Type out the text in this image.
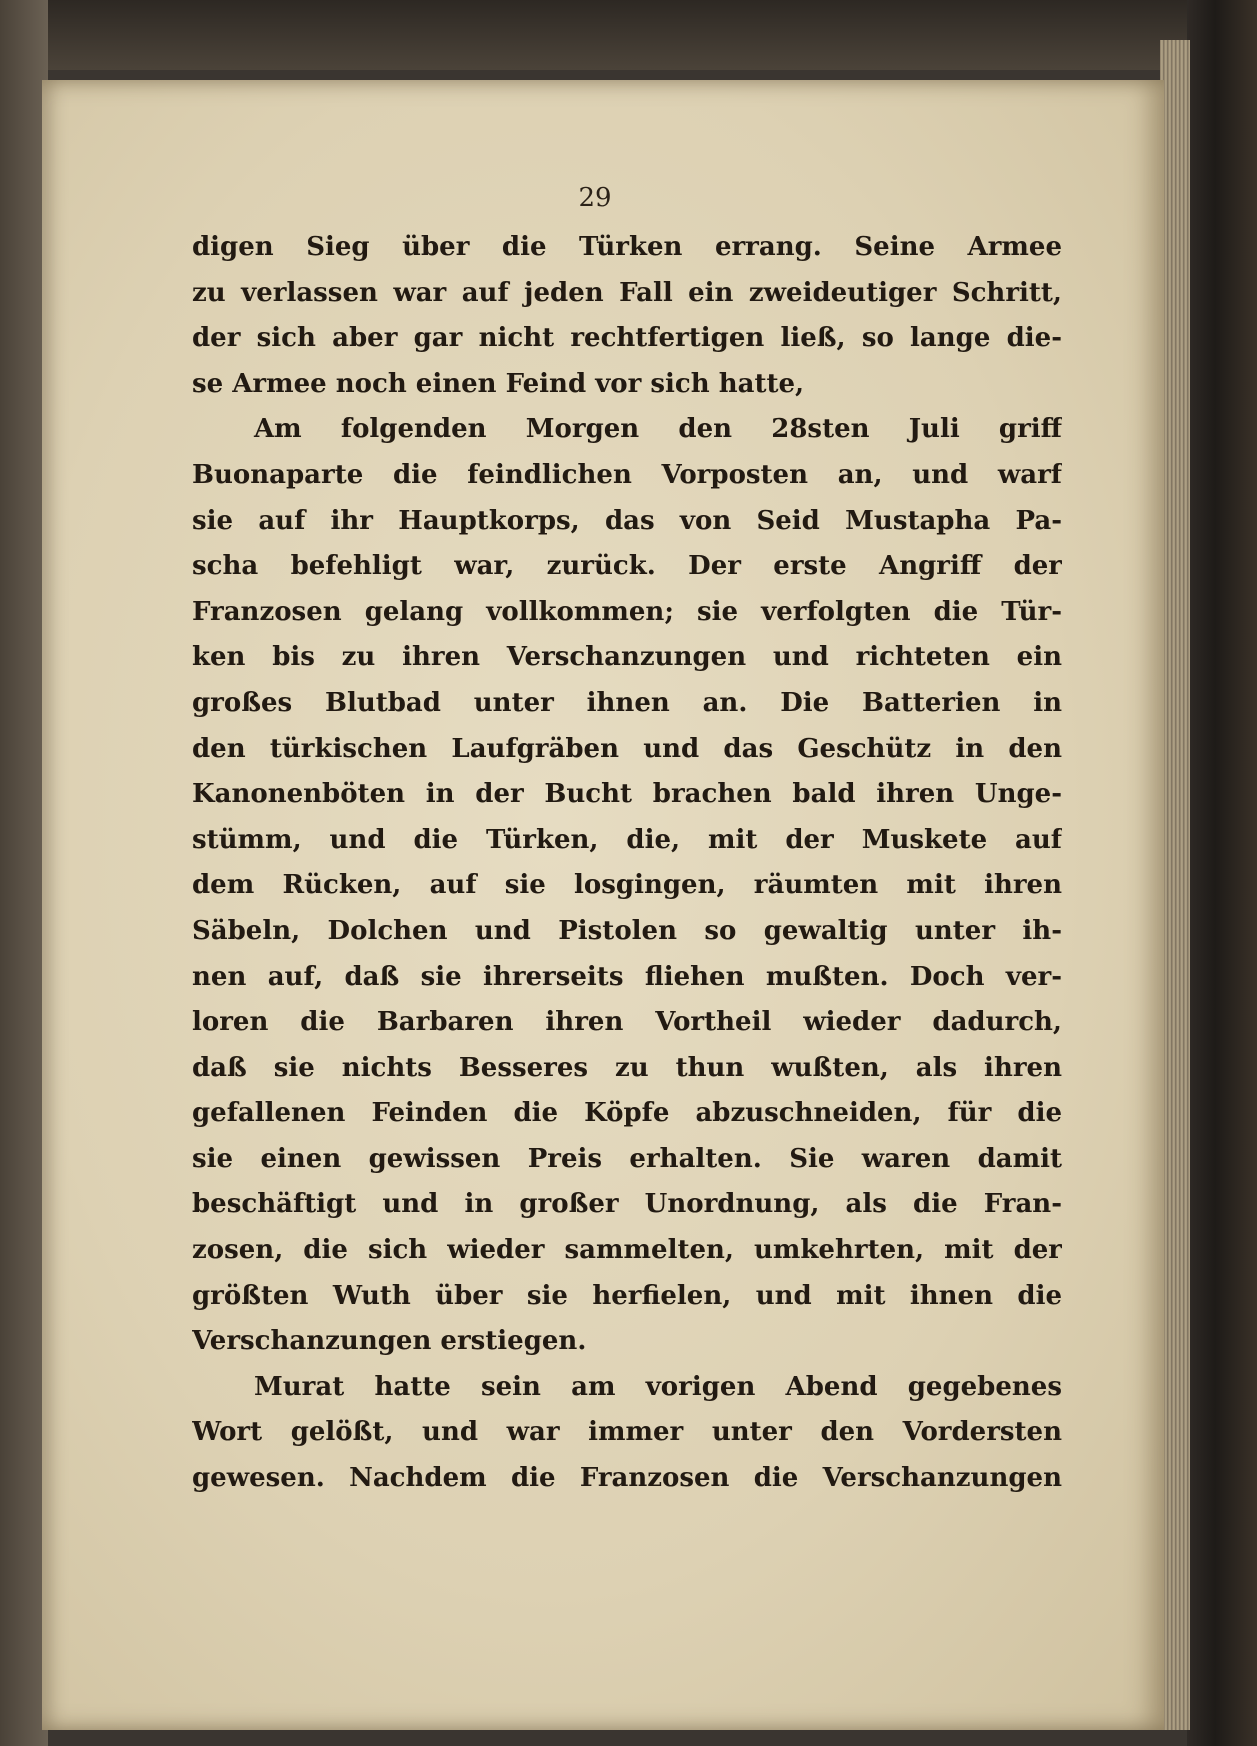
29
digen Sieg über die Türken errang. Seine Armee
zu verlassen war auf jeden Fall ein zweideutiger Schritt,
der sich aber gar nicht rechtfertigen ließ, so lange die-
se Armee noch einen Feind vor sich hatte,
Am folgenden Morgen den 28sten Juli griff
Buonaparte die feindlichen Vorposten an, und warf
sie auf ihr Hauptkorps, das von Seid Mustapha Pa-
scha befehligt war, zurück. Der erste Angriff der
Franzosen gelang vollkommen; sie verfolgten die Tür-
ken bis zu ihren Verschanzungen und richteten ein
großes Blutbad unter ihnen an. Die Batterien in
den türkischen Laufgräben und das Geschütz in den
Kanonenböten in der Bucht brachen bald ihren Unge-
stümm, und die Türken, die, mit der Muskete auf
dem Rücken, auf sie losgingen, räumten mit ihren
Säbeln, Dolchen und Pistolen so gewaltig unter ih-
nen auf, daß sie ihrerseits fliehen mußten. Doch ver-
loren die Barbaren ihren Vortheil wieder dadurch,
daß sie nichts Besseres zu thun wußten, als ihren
gefallenen Feinden die Köpfe abzuschneiden, für die
sie einen gewissen Preis erhalten. Sie waren damit
beschäftigt und in großer Unordnung, als die Fran-
zosen, die sich wieder sammelten, umkehrten, mit der
größten Wuth über sie herfielen, und mit ihnen die
Verschanzungen erstiegen.
Murat hatte sein am vorigen Abend gegebenes
Wort gelößt, und war immer unter den Vordersten
gewesen. Nachdem die Franzosen die Verschanzungen
